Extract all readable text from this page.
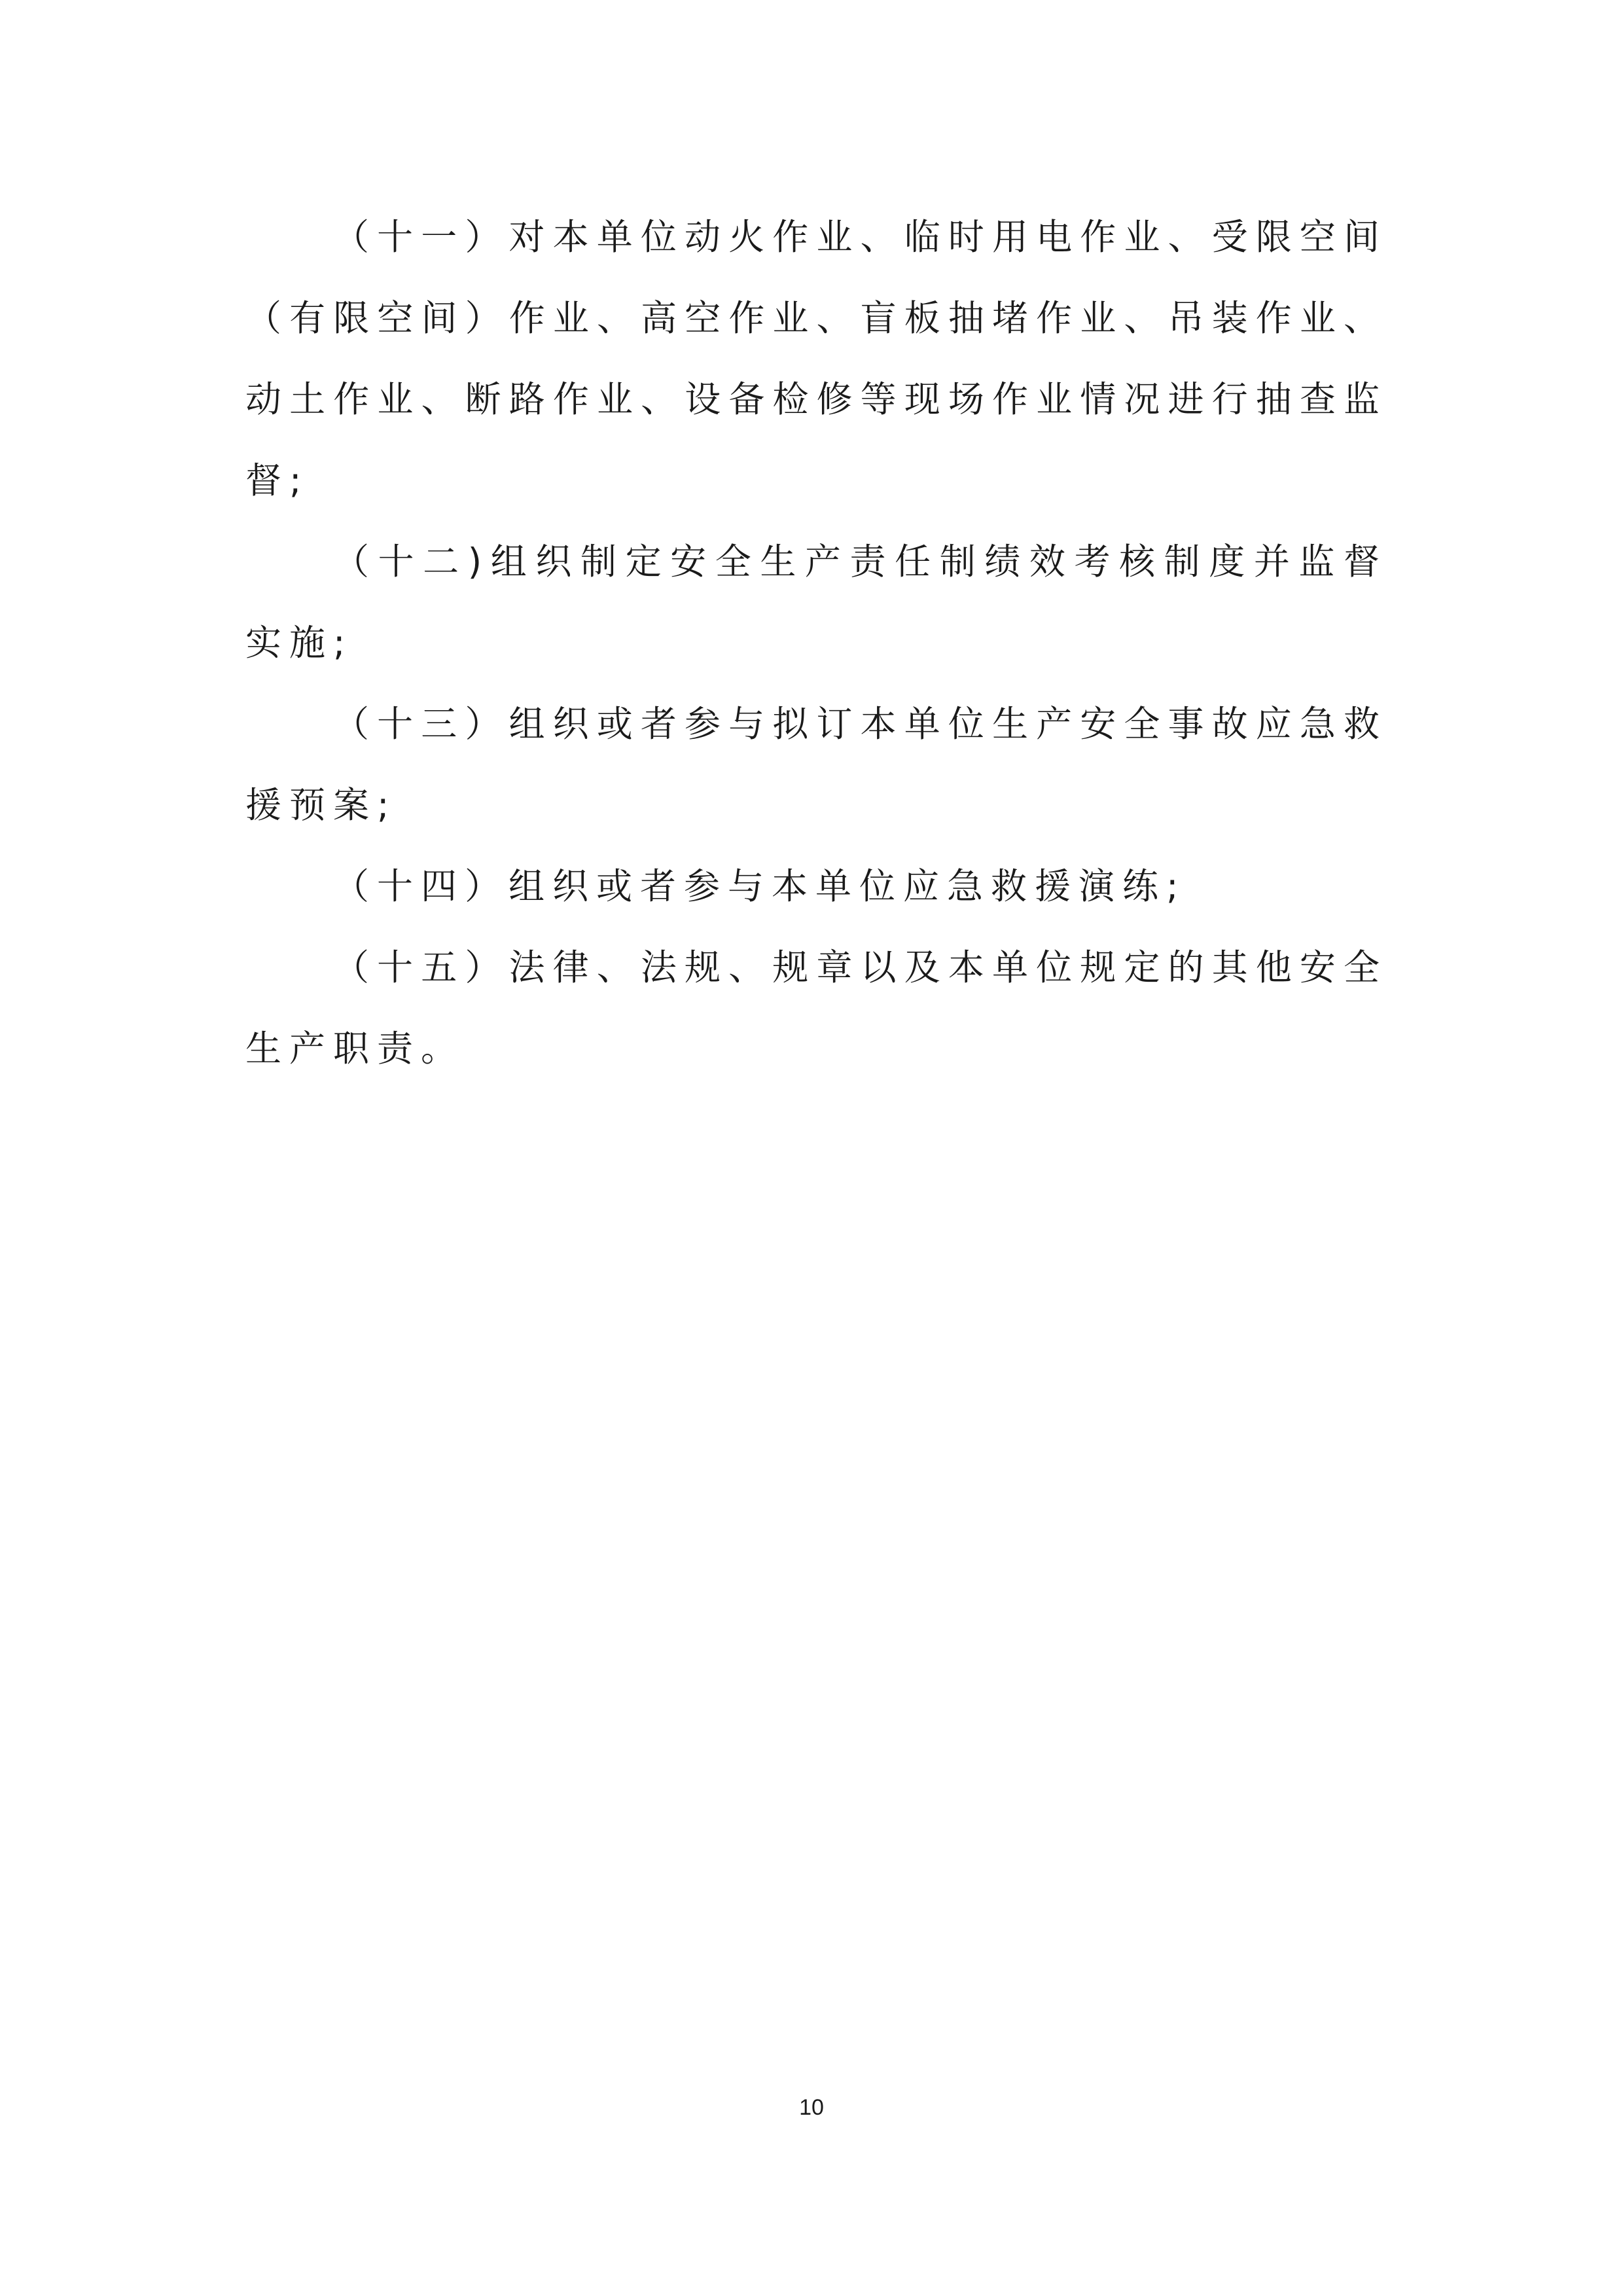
（十一）对本单位动火作业、临时用电作业、受限空间（有限空间）作业、高空作业、盲板抽堵作业、吊装作业、动土作业、断路作业、设备检修等现场作业情况进行抽查监督;

（十二)组织制定安全生产责任制绩效考核制度并监督实施;

（十三）组织或者参与拟订本单位生产安全事故应急救援预案;

（十四）组织或者参与本单位应急救援演练;

（十五）法律、法规、规章以及本单位规定的其他安全生产职责。

10
